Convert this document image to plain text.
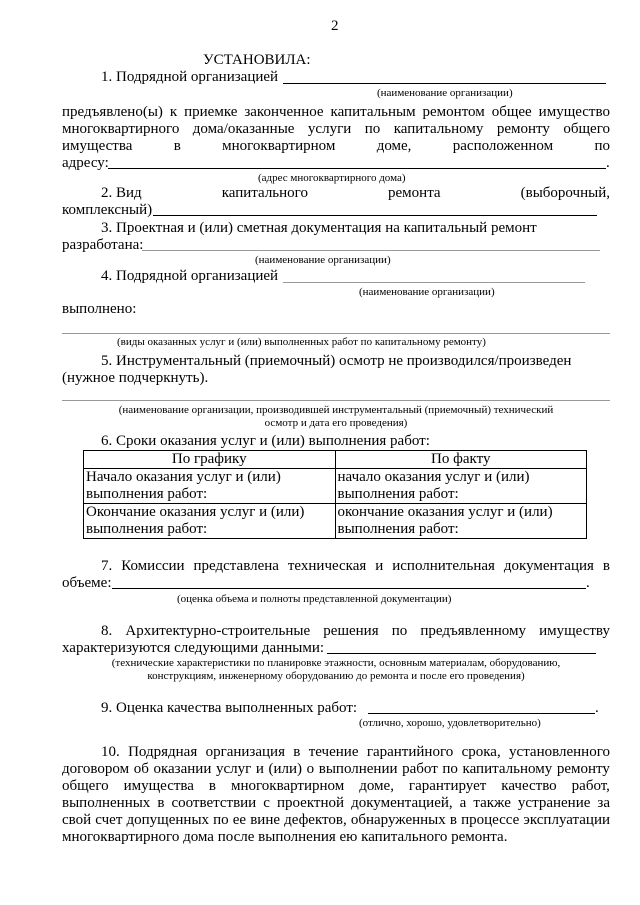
2
УСТАНОВИЛА:
1. Подрядной организацией
(наименование организации)
предъявлено(ы) к приемке законченное капитальным ремонтом общее имущество
многоквартирного дома/оказанные услуги по капитальному ремонту общего
имущества	в	многоквартирном	доме,	расположенном	по
адресу:	.
(адрес многоквартирного дома)
2. Вид	капитального	ремонта	(выборочный,
комплексный)
3. Проектная и (или) сметная документация на капитальный ремонт
разработана:
(наименование организации)
4. Подрядной организацией
(наименование организации)
выполнено:
(виды оказанных услуг и (или) выполненных работ по капитальному ремонту)
5. Инструментальный (приемочный) осмотр не производился/произведен
(нужное подчеркнуть).
(наименование организации, производившей инструментальный (приемочный) технический
осмотр и дата его проведения)
6. Сроки оказания услуг и (или) выполнения работ:
По графику	По факту

Начало оказания услуг и (или)
выполнения работ:	начало оказания услуг и (или)
выполнения работ:

Окончание оказания услуг и (или)
выполнения работ:	окончание оказания услуг и (или)
выполнения работ:
7. Комиссии представлена техническая и исполнительная документация в
объеме:	.
(оценка объема и полноты представленной документации)
8. Архитектурно-строительные решения по предъявленному имуществу
характеризуются следующими данными:
(технические характеристики по планировке этажности, основным материалам, оборудованию,
конструкциям, инженерному оборудованию до ремонта и после его проведения)
9. Оценка качества выполненных работ:	.
(отлично, хорошо, удовлетворительно)
10. Подрядная организация в течение гарантийного срока, установленного
договором об оказании услуг и (или) о выполнении работ по капитальному ремонту
общего имущества в многоквартирном доме, гарантирует качество работ,
выполненных в соответствии с проектной документацией, а также устранение за
свой счет допущенных по ее вине дефектов, обнаруженных в процессе эксплуатации
многоквартирного дома после выполнения ею капитального ремонта.
